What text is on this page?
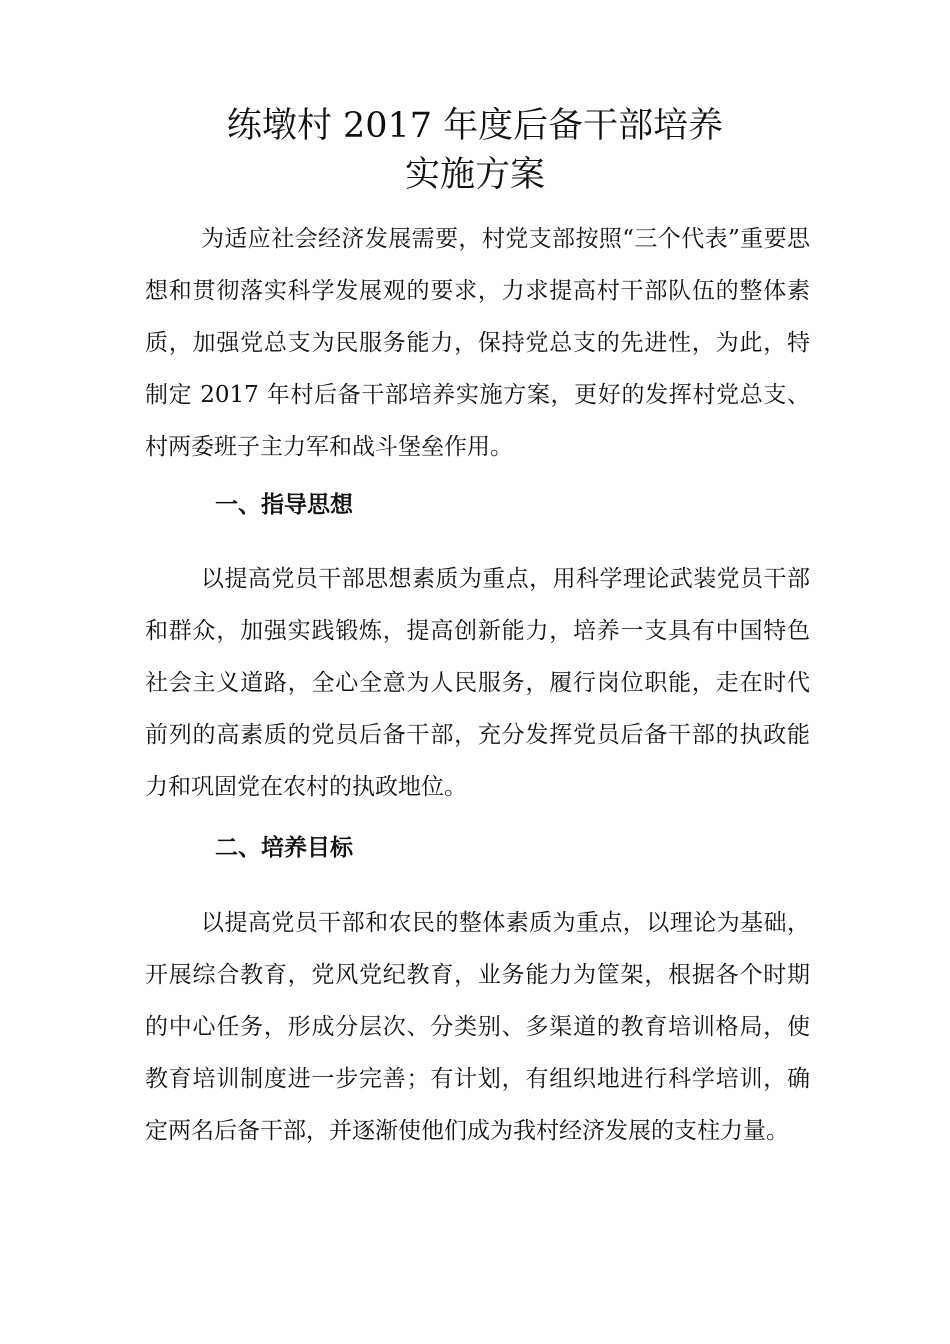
练墩村 2017 年度后备干部培养
实施方案

为适应社会经济发展需要，村党支部按照“三个代表”重要思想和贯彻落实科学发展观的要求，力求提高村干部队伍的整体素质，加强党总支为民服务能力，保持党总支的先进性，为此，特制定 2017 年村后备干部培养实施方案，更好的发挥村党总支、村两委班子主力军和战斗堡垒作用。

一、指导思想

以提高党员干部思想素质为重点，用科学理论武装党员干部和群众，加强实践锻炼，提高创新能力，培养一支具有中国特色社会主义道路，全心全意为人民服务，履行岗位职能，走在时代前列的高素质的党员后备干部，充分发挥党员后备干部的执政能力和巩固党在农村的执政地位。

二、培养目标

以提高党员干部和农民的整体素质为重点，以理论为基础，开展综合教育，党风党纪教育，业务能力为筐架，根据各个时期的中心任务，形成分层次、分类别、多渠道的教育培训格局，使教育培训制度进一步完善；有计划，有组织地进行科学培训，确定两名后备干部，并逐渐使他们成为我村经济发展的支柱力量。
